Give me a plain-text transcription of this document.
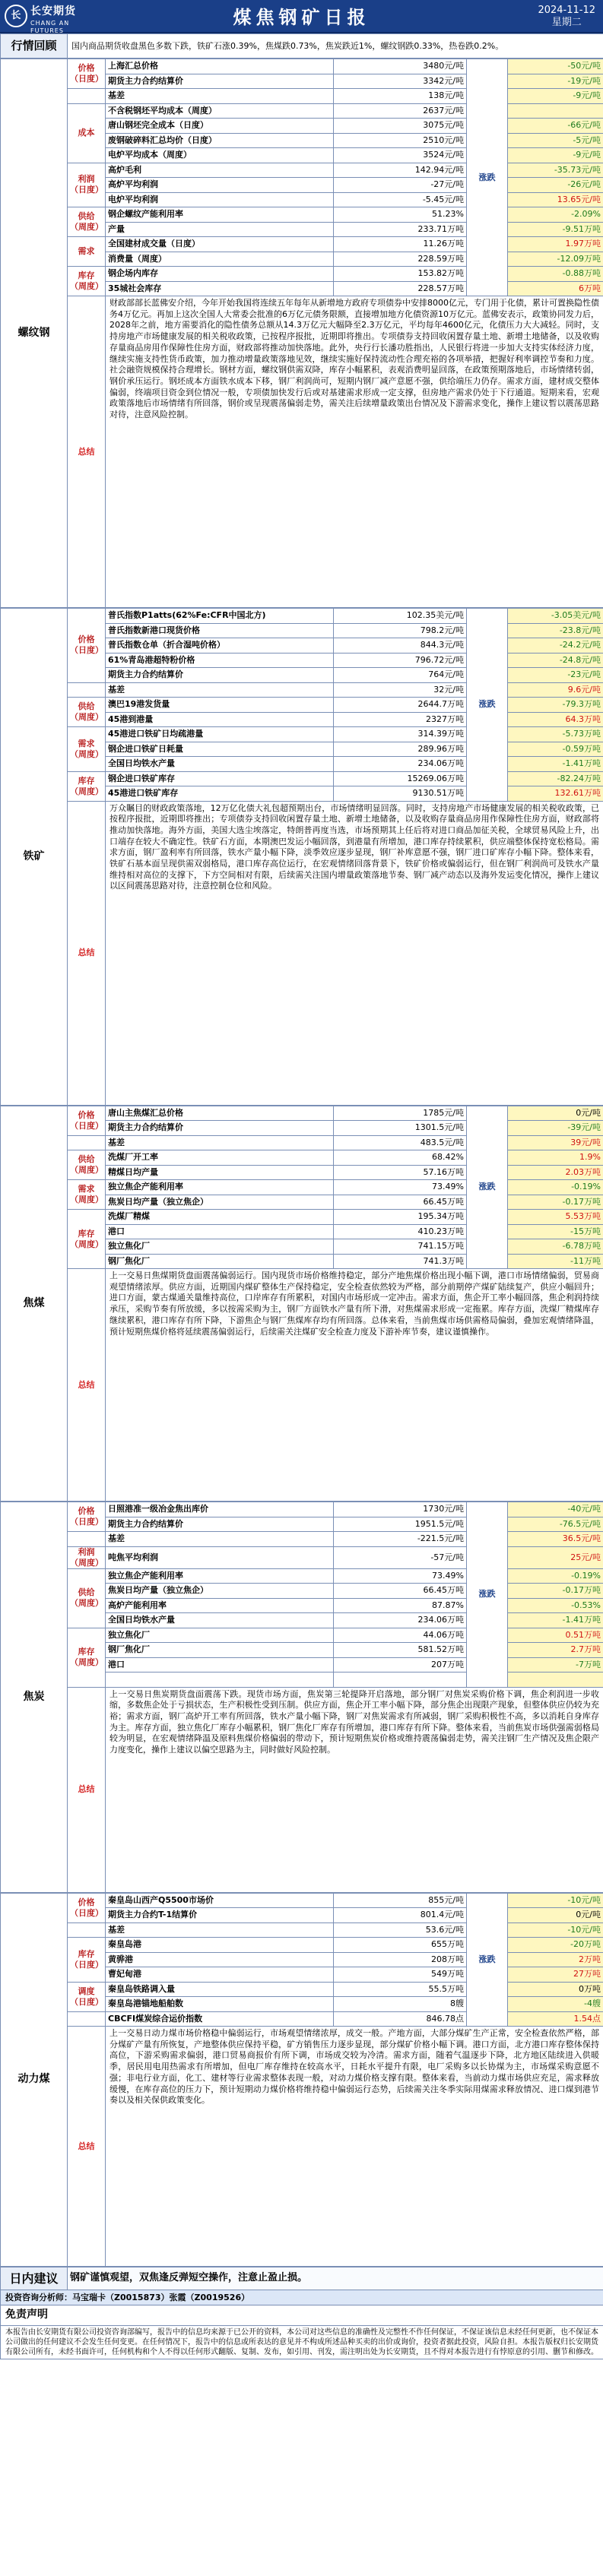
长 长安期货
CHANG AN FUTURES
煤焦钢矿日报	2024-11-12
星期二
行情回顾	国内商品期货收盘黑色多数下跌，铁矿石涨0.39%，焦煤跌0.73%，焦炭跌近1%，螺纹钢跌0.33%，热卷跌0.2%。
螺纹钢	价格（日度）	上海汇总价格	3480元/吨	涨跌	-50元/吨
		期货主力合约结算价	3342元/吨		-19元/吨
		基差	138元/吨		-9元/吨
	成本	不含税钢坯平均成本（周度）	2637元/吨		
		唐山钢坯完全成本（日度）	3075元/吨		-66元/吨
		废钢破碎料汇总均价（日度）	2510元/吨		-5元/吨
		电炉平均成本（周度）	3524元/吨		-9元/吨
	利润（日度）	高炉毛利	142.94元/吨		-35.73元/吨
		高炉平均利润	-27元/吨		-26元/吨
		电炉平均利润	-5.45元/吨		13.65元/吨
	供给（周度）	钢企螺纹产能利用率	51.23%		-2.09%
		产量	233.71万吨		-9.51万吨
	需求	全国建材成交量（日度）	11.26万吨		1.97万吨
		消费量（周度）	228.59万吨		-12.09万吨
	库存（周度）	钢企场内库存	153.82万吨		-0.88万吨
		35城社会库存	228.57万吨		6万吨
	总结	财政部部长蓝佛安介绍，今年开始我国将连续五年每年从新增地方政府专项债券中安排8000亿元，专门用于化债，累计可置换隐性债务4万亿元。再加上这次全国人大常委会批准的6万亿元债务限额，直接增加地方化债资源10万亿元。蓝佛安表示，政策协同发力后，2028年之前，地方需要消化的隐性债务总额从14.3万亿元大幅降至2.3万亿元，平均每年4600亿元，化债压力大大减轻。同时，支持房地产市场健康发展的相关税收政策，已按程序报批，近期即将推出。专项债券支持回收闲置存量土地、新增土地储备，以及收购存量商品房用作保障性住房方面，财政部将推动加快落地。此外，央行行长潘功胜指出，人民银行将进一步加大支持实体经济力度，继续实施支持性货币政策，加力推动增量政策落地见效，继续实施好保持流动性合理充裕的各项举措，把握好利率调控节奏和力度。社会融资规模保持合理增长。钢材方面，螺纹钢供需双降，库存小幅累积，表观消费明显回落，在政策预期落地后，市场情绪转弱，钢价承压运行。钢坯成本方面铁水成本下移，钢厂利润尚可，短期内钢厂减产意愿不强，供给端压力仍存。需求方面，建材成交整体偏弱，终端项目资金到位情况一般，专项债加快发行后或对基建需求形成一定支撑，但房地产需求仍处于下行通道。短期来看，宏观政策落地后市场情绪有所回落，钢价或呈现震荡偏弱走势，需关注后续增量政策出台情况及下游需求变化，操作上建议暂以震荡思路对待，注意风险控制。			
铁矿	价格（日度）	普氏指数P1atts(62%Fe:CFR中国北方)	102.35美元/吨	涨跌	-3.05美元/吨
		普氏指数新港口现货价格	798.2元/吨		-23.8元/吨
		普氏指数仓单（折合湿吨价格）	844.3元/吨		-24.2元/吨
		61%青岛港超特粉价格	796.72元/吨		-24.8元/吨
		期货主力合约结算价	764元/吨		-23元/吨
		基差	32元/吨		9.6元/吨
	供给（周度）	澳巴19港发货量	2644.7万吨		-79.3万吨
		45港到港量	2327万吨		64.3万吨
	需求（周度）	45港进口铁矿日均疏港量	314.39万吨		-5.73万吨
		钢企进口铁矿日耗量	289.96万吨		-0.59万吨
		全国日均铁水产量	234.06万吨		-1.41万吨
	库存（周度）	钢企进口铁矿库存	15269.06万吨		-82.24万吨
		45港进口铁矿库存	9130.51万吨		132.61万吨
	总结	万众瞩目的财政政策落地，12万亿化债大礼包超预期出台，市场情绪明显回落。同时，支持房地产市场健康发展的相关税收政策，已按程序报批，近期即将推出；专项债券支持回收闲置存量土地、新增土地储备，以及收购存量商品房用作保障性住房方面，财政部将推动加快落地。海外方面，美国大选尘埃落定，特朗普再度当选，市场预期其上任后将对进口商品加征关税，全球贸易风险上升，出口端存在较大不确定性。铁矿石方面，本期澳巴发运小幅回落，到港量有所增加，港口库存持续累积，供应端整体保持宽松格局。需求方面，钢厂盈利率有所回落，铁水产量小幅下降，淡季效应逐步显现，钢厂补库意愿不强，钢厂进口矿库存小幅下降。整体来看，铁矿石基本面呈现供需双弱格局，港口库存高位运行，在宏观情绪回落背景下，铁矿价格或偏弱运行，但在钢厂利润尚可及铁水产量维持相对高位的支撑下，下方空间相对有限，后续需关注国内增量政策落地节奏、钢厂减产动态以及海外发运变化情况，操作上建议以区间震荡思路对待，注意控制仓位和风险。			
焦煤	价格（日度）	唐山主焦煤汇总价格	1785元/吨	涨跌	0元/吨
		期货主力合约结算价	1301.5元/吨		-39元/吨
		基差	483.5元/吨		39元/吨
	供给（周度）	洗煤厂开工率	68.42%		1.9%
		精煤日均产量	57.16万吨		2.03万吨
	需求（周度）	独立焦企产能利用率	73.49%		-0.19%
		焦炭日均产量（独立焦企）	66.45万吨		-0.17万吨
	库存（周度）	洗煤厂精煤	195.34万吨		5.53万吨
		港口	410.23万吨		-15万吨
		独立焦化厂	741.15万吨		-6.78万吨
		钢厂焦化厂	741.3万吨		-11万吨
	总结	上一交易日焦煤期货盘面震荡偏弱运行。国内现货市场价格维持稳定，部分产地焦煤价格出现小幅下调，港口市场情绪偏弱，贸易商观望情绪浓厚。供应方面，近期国内煤矿整体生产保持稳定，安全检查依然较为严格，部分前期停产煤矿陆续复产，供应小幅回升；进口方面，蒙古煤通关量维持高位，口岸库存有所累积，对国内市场形成一定冲击。需求方面，焦企开工率小幅回落，焦企利润持续承压，采购节奏有所放缓，多以按需采购为主，钢厂方面铁水产量有所下滑，对焦煤需求形成一定拖累。库存方面，洗煤厂精煤库存继续累积，港口库存有所下降，下游焦企与钢厂焦煤库存均有所回落。总体来看，当前焦煤市场供需格局偏弱，叠加宏观情绪降温，预计短期焦煤价格将延续震荡偏弱运行，后续需关注煤矿安全检查力度及下游补库节奏，建议谨慎操作。			
焦炭	价格（日度）	日照港准一级冶金焦出库价	1730元/吨	涨跌	-40元/吨
		期货主力合约结算价	1951.5元/吨		-76.5元/吨
		基差	-221.5元/吨		36.5元/吨
	利润（周度）	吨焦平均利润	-57元/吨		25元/吨
	供给（周度）	独立焦企产能利用率	73.49%		-0.19%
		焦炭日均产量（独立焦企）	66.45万吨		-0.17万吨
		高炉产能利用率	87.87%		-0.53%
		全国日均铁水产量	234.06万吨		-1.41万吨
	库存（周度）	独立焦化厂	44.06万吨		0.51万吨
		钢厂焦化厂	581.52万吨		2.7万吨
		港口	207万吨		-7万吨

	总结	上一交易日焦炭期货盘面震荡下跌。现货市场方面，焦炭第三轮提降开启落地，部分钢厂对焦炭采购价格下调，焦企利润进一步收缩，多数焦企处于亏损状态，生产积极性受到压制。供应方面，焦企开工率小幅下降，部分焦企出现限产现象，但整体供应仍较为充裕；需求方面，钢厂高炉开工率有所回落，铁水产量小幅下降，钢厂对焦炭需求有所减弱，钢厂采购积极性不高，多以消耗自身库存为主。库存方面，独立焦化厂库存小幅累积，钢厂焦化厂库存有所增加，港口库存有所下降。整体来看，当前焦炭市场供强需弱格局较为明显，在宏观情绪降温及原料焦煤价格偏弱的带动下，预计短期焦炭价格或维持震荡偏弱走势，需关注钢厂生产情况及焦企限产力度变化，操作上建议以偏空思路为主，同时做好风险控制。			
动力煤	价格（日度）	秦皇岛山西产Q5500市场价	855元/吨	涨跌	-10元/吨
		期货主力合约T-1结算价	801.4元/吨		0元/吨
		基差	53.6元/吨		-10元/吨
	库存（日度）	秦皇岛港	655万吨		-20万吨
		黄骅港	208万吨		2万吨
		曹妃甸港	549万吨		27万吨
	调度（日度）	秦皇岛铁路调入量	55.5万吨		0万吨
		秦皇岛港锚地船舶数	8艘		-4艘
		CBCFI煤炭综合运价指数	846.78点		1.54点
	总结	上一交易日动力煤市场价格稳中偏弱运行，市场观望情绪浓厚，成交一般。产地方面，大部分煤矿生产正常，安全检查依然严格，部分煤矿产量有所恢复，产地整体供应保持平稳，矿方销售压力逐步显现，部分煤矿价格小幅下调。港口方面，北方港口库存整体保持高位，下游采购需求偏弱，港口贸易商报价有所下调，市场成交较为冷清。需求方面，随着气温逐步下降，北方地区陆续进入供暖季，居民用电用热需求有所增加，但电厂库存维持在较高水平，日耗水平提升有限，电厂采购多以长协煤为主，市场煤采购意愿不强；非电行业方面，化工、建材等行业需求整体表现一般，对动力煤价格支撑有限。整体来看，当前动力煤市场供应充足，需求释放缓慢，在库存高位的压力下，预计短期动力煤价格将维持稳中偏弱运行态势，后续需关注冬季实际用煤需求释放情况、进口煤到港节奏以及相关保供政策变化。			
日内建议	钢矿谨慎观望，双焦逢反弹短空操作，注意止盈止损。
投资咨询分析师：马宝瑞卡（Z0015873）张霞（Z0019526）
免责声明
本报告由长安期货有限公司投资咨询部编写，报告中的信息均来源于已公开的资料，本公司对这些信息的准确性及完整性不作任何保证，不保证该信息未经任何更新，也不保证本公司做出的任何建议不会发生任何变更。在任何情况下，报告中的信息或所表达的意见并不构成所述品种买卖的出价或询价，投资者据此投资，风险自担。本报告版权归长安期货有限公司所有，未经书面许可，任何机构和个人不得以任何形式翻版、复制、发布，如引用、刊发，需注明出处为长安期货，且不得对本报告进行有悖原意的引用、删节和修改。
